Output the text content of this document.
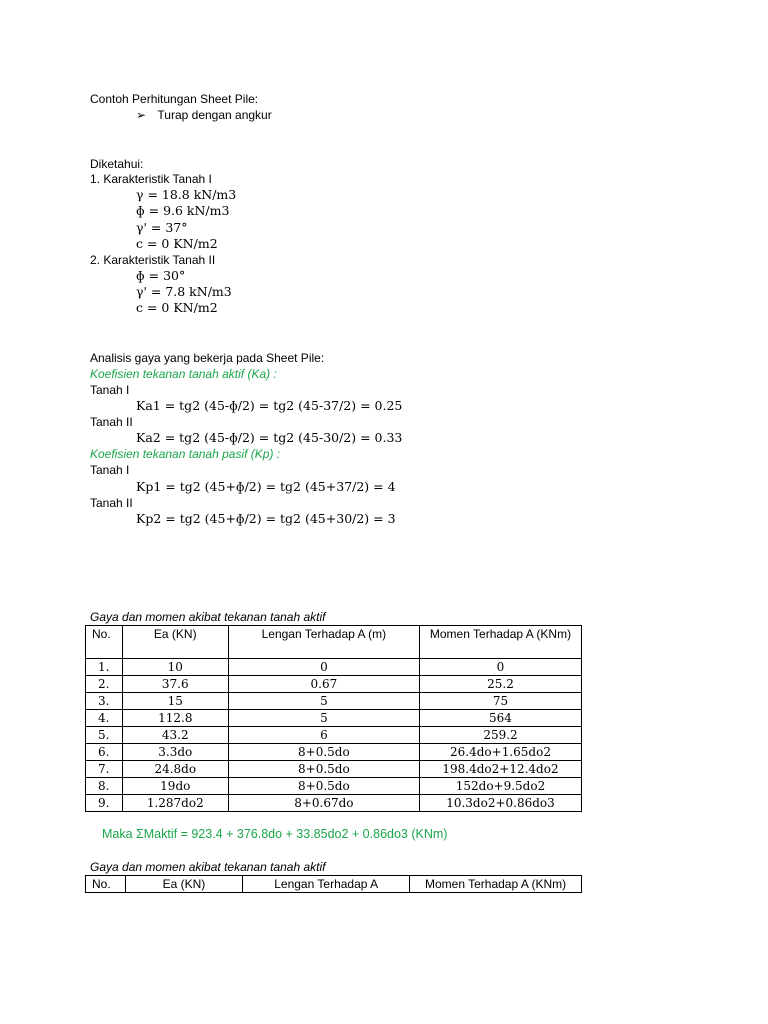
Contoh Perhitungan Sheet Pile:
➢ Turap dengan angkur
Diketahui:
1. Karakteristik Tanah I
γ = 18.8 kN/m3
ɸ = 9.6 kN/m3
γ' = 37°
c = 0 KN/m2
2. Karakteristik Tanah II
ɸ = 30°
γ' = 7.8 kN/m3
c = 0 KN/m2
Analisis gaya yang bekerja pada Sheet Pile:
Koefisien tekanan tanah aktif (Ka) :
Tanah I
Ka1 = tg2 (45-ɸ/2) = tg2 (45-37/2) = 0.25
Tanah II
Ka2 = tg2 (45-ɸ/2) = tg2 (45-30/2) = 0.33
Koefisien tekanan tanah pasif (Kp) :
Tanah I
Kp1 = tg2 (45+ɸ/2) = tg2 (45+37/2) = 4
Tanah II
Kp2 = tg2 (45+ɸ/2) = tg2 (45+30/2) = 3
Gaya dan momen akibat tekanan tanah aktif
No.	Ea (KN)	Lengan Terhadap A (m)	Momen Terhadap A (KNm)
1.	10	0	0
2.	37.6	0.67	25.2
3.	15	5	75
4.	112.8	5	564
5.	43.2	6	259.2
6.	3.3do	8+0.5do	26.4do+1.65do2
7.	24.8do	8+0.5do	198.4do2+12.4do2
8.	19do	8+0.5do	152do+9.5do2
9.	1.287do2	8+0.67do	10.3do2+0.86do3
Maka ΣMaktif = 923.4 + 376.8do + 33.85do2 + 0.86do3 (KNm)
Gaya dan momen akibat tekanan tanah aktif
No.	Ea (KN)	Lengan Terhadap A	Momen Terhadap A (KNm)
